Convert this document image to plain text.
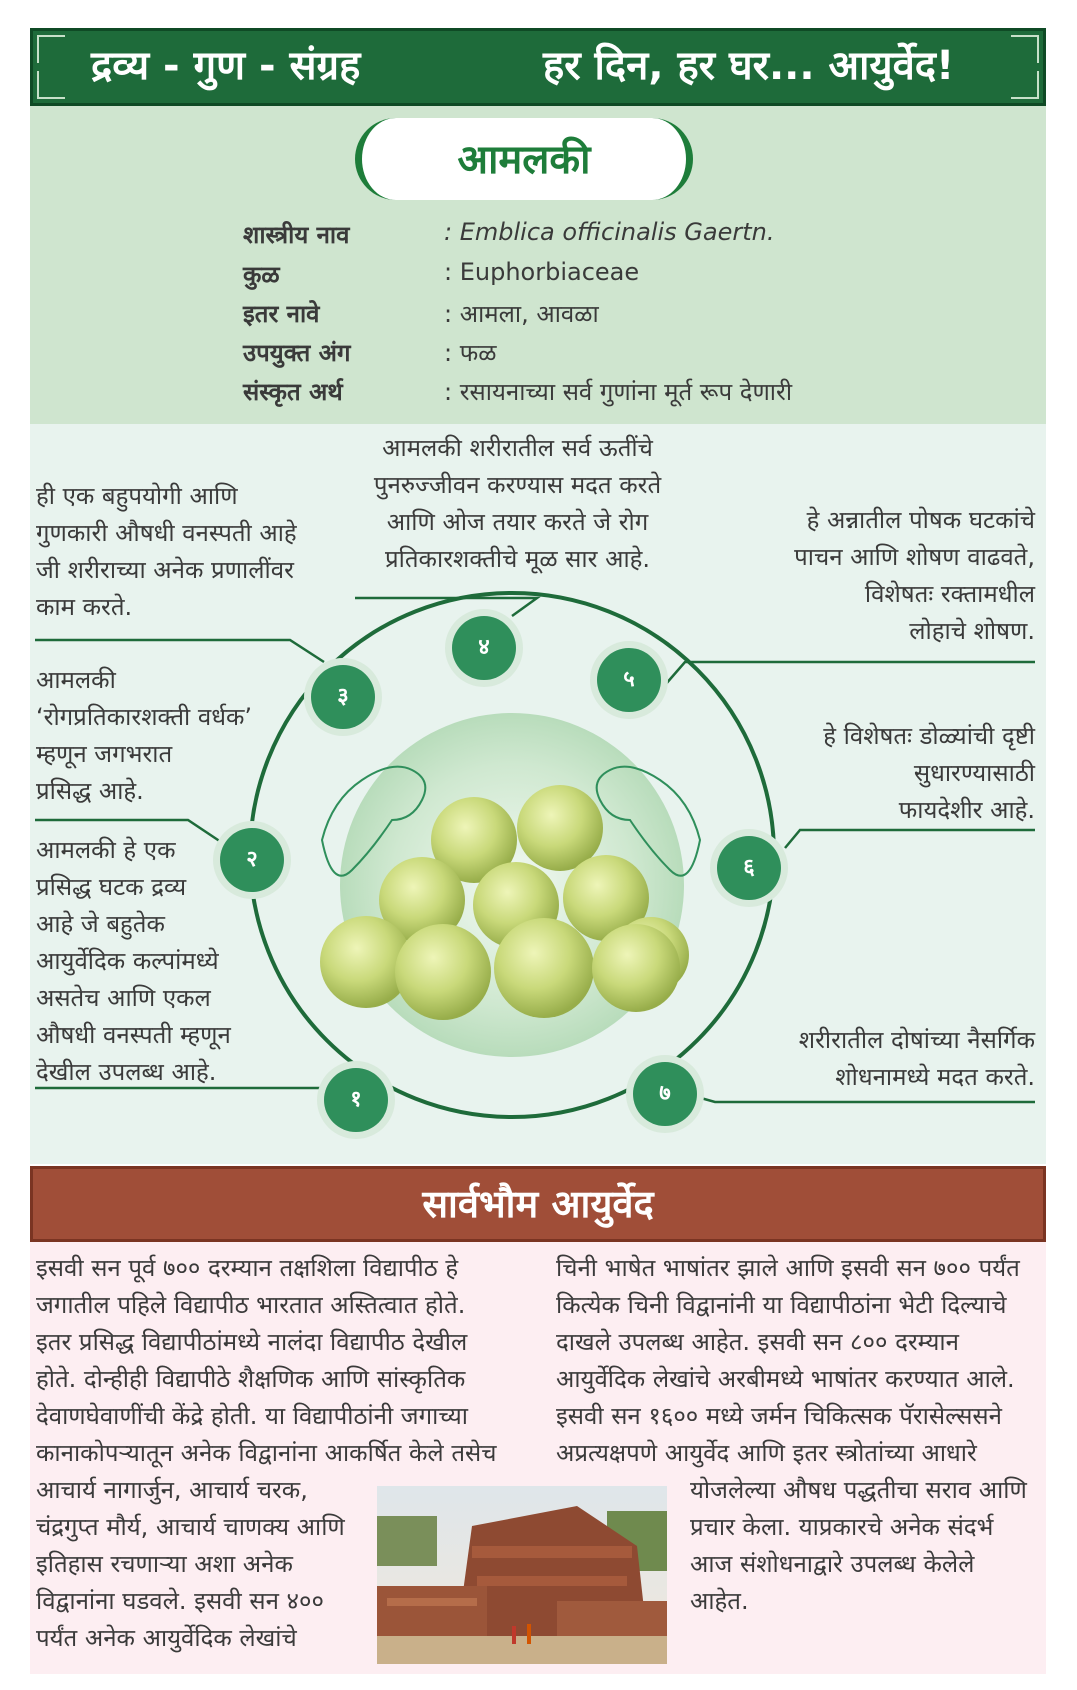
द्रव्य - गुण - संग्रह	हर दिन, हर घर... आयुर्वेद!
आमलकी
शास्त्रीय नाव	: Emblica officinalis Gaertn.
कुळ	: Euphorbiaceae
इतर नावे	: आमला, आवळा
उपयुक्त अंग	: फळ
संस्कृत अर्थ	: रसायनाच्या सर्व गुणांना मूर्त रूप देणारी
१
२
३
४
५
६
७
ही एक बहुपयोगी आणि
गुणकारी औषधी वनस्पती आहे
जी शरीराच्या अनेक प्रणालींवर
काम करते.
आमलकी
‘रोगप्रतिकारशक्ती वर्धक’
म्हणून जगभरात
प्रसिद्ध आहे.
आमलकी हे एक
प्रसिद्ध घटक द्रव्य
आहे जे बहुतेक
आयुर्वेदिक कल्पांमध्ये
असतेच आणि एकल
औषधी वनस्पती म्हणून
देखील उपलब्ध आहे.
आमलकी शरीरातील सर्व ऊतींचे
पुनरुज्जीवन करण्यास मदत करते
आणि ओज तयार करते जे रोग
प्रतिकारशक्तीचे मूळ सार आहे.
हे अन्नातील पोषक घटकांचे
पाचन आणि शोषण वाढवते,
विशेषतः रक्तामधील
लोहाचे शोषण.
हे विशेषतः डोळ्यांची दृष्टी
सुधारण्यासाठी
फायदेशीर आहे.
शरीरातील दोषांच्या नैसर्गिक
शोधनामध्ये मदत करते.
सार्वभौम आयुर्वेद
इसवी सन पूर्व ७०० दरम्यान तक्षशिला विद्यापीठ हे
जगातील पहिले विद्यापीठ भारतात अस्तित्वात होते.
इतर प्रसिद्ध विद्यापीठांमध्ये नालंदा विद्यापीठ देखील
होते. दोन्हीही विद्यापीठे शैक्षणिक आणि सांस्कृतिक
देवाणघेवाणींची केंद्रे होती. या विद्यापीठांनी जगाच्या
कानाकोपऱ्यातून अनेक विद्वानांना आकर्षित केले तसेच
आचार्य नागार्जुन, आचार्य चरक,
चंद्रगुप्त मौर्य, आचार्य चाणक्य आणि
इतिहास रचणाऱ्या अशा अनेक
विद्वानांना घडवले. इसवी सन ४००
पर्यंत अनेक आयुर्वेदिक लेखांचे
चिनी भाषेत भाषांतर झाले आणि इसवी सन ७०० पर्यंत
कित्येक चिनी विद्वानांनी या विद्यापीठांना भेटी दिल्याचे
दाखले उपलब्ध आहेत. इसवी सन ८०० दरम्यान
आयुर्वेदिक लेखांचे अरबीमध्ये भाषांतर करण्यात आले.
इसवी सन १६०० मध्ये जर्मन चिकित्सक पॅरासेल्ससने
अप्रत्यक्षपणे आयुर्वेद आणि इतर स्त्रोतांच्या आधारे
योजलेल्या औषध पद्धतीचा सराव आणि
प्रचार केला. याप्रकारचे अनेक संदर्भ
आज संशोधनाद्वारे उपलब्ध केलेले
आहेत.
